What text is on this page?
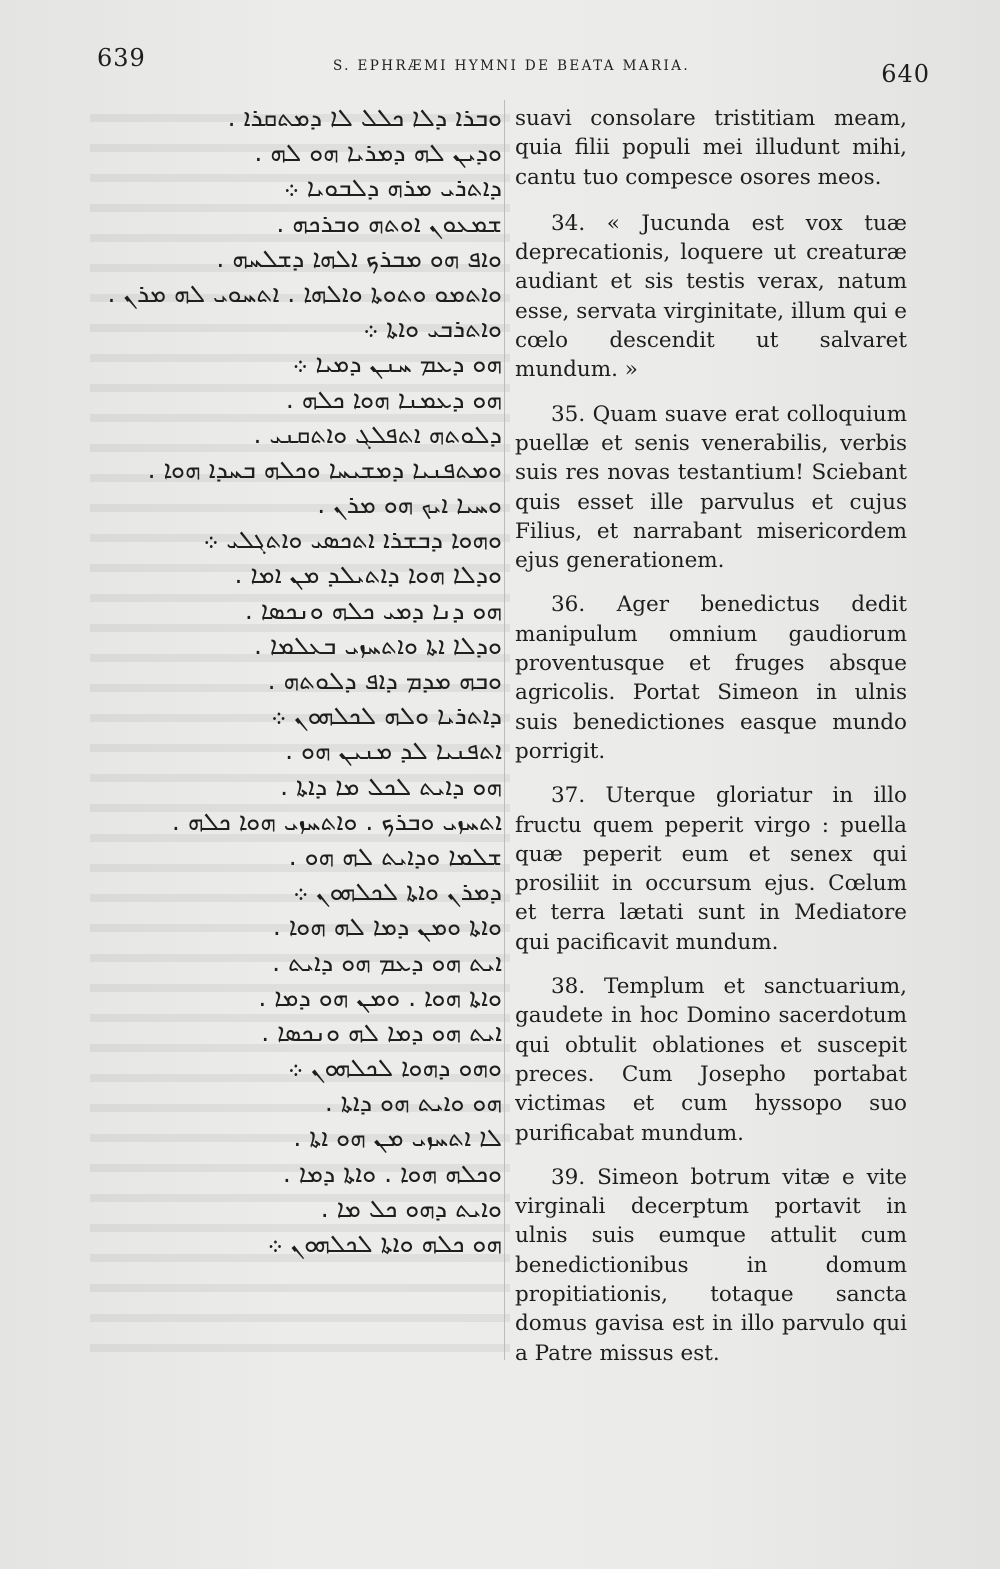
639	S. EPHRÆMI HYMNI DE BEATA MARIA.	640
ܘܒܪܐ ܕܠܐ ܟܠܠ ܠܐ ܕܡܬܩܪܐ .
ܘܕܝܢ ܠܗ ܕܡܪܝܐ ܗܘ ܠܗ .
ܕܐܬܪܝ ܡܪܗ ܕܠܒܘܝܐ ܀
ܫܡܥܘܢ ܐܘܬܗ ܘܒܪܟܗ .
ܘܐܦ ܗܘ ܡܒܪܟ ܐܠܗܐ ܕܫܠܚܗ .
ܘܐܬܡܘ ܘܬܘܬܐ ܘܐܠܗܐ . ܐܬܚܘܝ ܠܗ ܡܪܢ .
ܘܐܬܪܒܝ ܘܐܬܐ ܀
ܗܘ ܕܥܡ ܚܢܢ ܕܡܝܐ ܀
ܗܘ ܕܥܡܢܐ ܗܘܐ ܟܠܗ .
ܕܠܘܬܗ ܐܬܦܠܓ ܘܐܬܩܢܝ .
ܘܡܬܦܢܝܐ ܕܡܫܝܚܐ ܘܟܠܗ ܒܚܕܐ ܗܘܐ .
ܘܚܝܐ ܐܝܟ ܗܘ ܡܪܢ .
ܘܗܘܐ ܕܒܫܪܐ ܐܬܟܣܝ ܘܐܬܓܠܝ ܀
ܘܕܠܐ ܗܘܐ ܕܐܬܝܠܕ ܡܢ ܐܡܐ .
ܗܘ ܕܢܐ ܕܡܝ ܟܠܗ ܘܢܟܣܐ .
ܘܕܠܐ ܐܬܐ ܘܐܬܚܙܝ ܒܥܠܡܐ .
ܘܒܗ ܡܕܡ ܕܐܦ ܕܠܘܬܗ .
ܕܐܬܪܝܐ ܘܠܗ ܠܟܠܗܘܢ ܀
ܐܬܦܢܝܐ ܠܕ ܡܢܝܢ ܗܘ .
ܗܘ ܕܐܝܬ ܠܟܠ ܡܐ ܕܐܬܐ .
ܐܬܚܙܝ ܘܒܪܟ . ܘܐܬܚܙܝ ܗܘܐ ܟܠܗ .
ܫܠܡܐ ܘܕܐܝܬ ܠܗ ܗܘ .
ܕܡܪܢ ܘܐܬܐ ܠܟܠܗܘܢ ܀
ܘܐܬܐ ܘܡܢ ܕܡܐ ܠܗ ܗܘܐ .
ܐܝܬ ܗܘ ܕܥܡ ܗܘ ܕܐܝܬ .
ܘܐܬܐ ܗܘܐ . ܘܡܢ ܗܘ ܕܡܐ .
ܐܝܬ ܗܘ ܕܡܐ ܠܗ ܘܢܟܣܐ .
ܘܗܘ ܕܗܘܐ ܠܟܠܗܘܢ ܀
ܗܘ ܘܐܝܬ ܗܘ ܕܐܬܐ .
ܠܐ ܐܬܚܙܝ ܡܢ ܗܘ ܐܬܐ .
ܘܟܠܗ ܗܘܐ . ܘܐܬܐ ܕܡܐ .
ܘܐܝܬ ܕܗܘ ܟܠ ܡܐ .
ܗܘ ܟܠܗ ܘܐܬܐ ܠܟܠܗܘܢ ܀

suavi consolare tristitiam meam, quia filii populi mei illudunt mihi, cantu tuo compesce osores meos.

34. « Jucunda est vox tuæ deprecationis, loquere ut creaturæ audiant et sis testis verax, natum esse, servata virginitate, illum qui e cœlo descendit ut salvaret mundum. »

35. Quam suave erat colloquium puellæ et senis venerabilis, verbis suis res novas testantium! Sciebant quis esset ille parvulus et cujus Filius, et narrabant misericordem ejus generationem.

36. Ager benedictus dedit manipulum omnium gaudiorum proventusque et fruges absque agricolis. Portat Simeon in ulnis suis benedictiones easque mundo porrigit.

37. Uterque gloriatur in illo fructu quem peperit virgo : puella quæ peperit eum et senex qui prosiliit in occursum ejus. Cœlum et terra lætati sunt in Mediatore qui pacificavit mundum.

38. Templum et sanctuarium, gaudete in hoc Domino sacerdotum qui obtulit oblationes et suscepit preces. Cum Josepho portabat victimas et cum hyssopo suo purificabat mundum.

39. Simeon botrum vitæ e vite virginali decerptum portavit in ulnis suis eumque attulit cum benedictionibus in domum propitiationis, totaque sancta domus gavisa est in illo parvulo qui a Patre missus est.
